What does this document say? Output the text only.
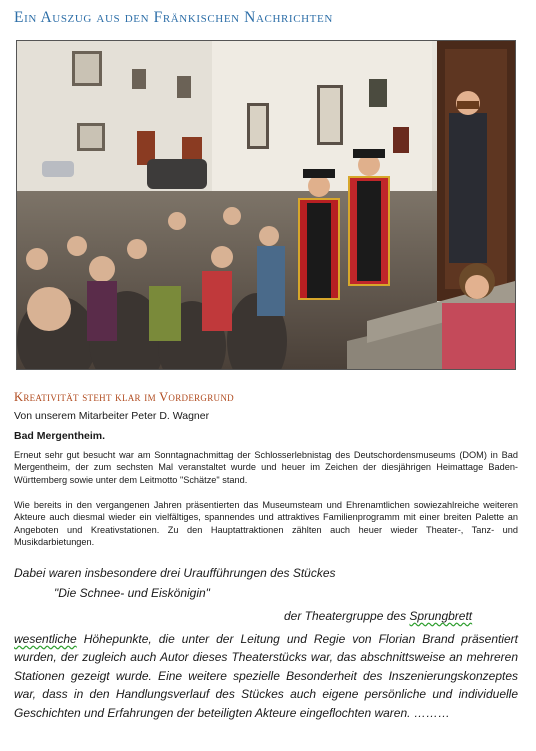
Ein Auszug aus den Fränkischen Nachrichten
Kreativität steht klar im Vordergrund
Von unserem Mitarbeiter Peter D. Wagner
Bad Mergentheim.

Erneut sehr gut besucht war am Sonntagnachmittag der Schlosserlebnistag des Deutschordensmuseums (DOM) in Bad Mergentheim, der zum sechsten Mal veranstaltet wurde und heuer im Zeichen der diesjährigen Heimattage Baden-Württemberg sowie unter dem Leitmotto "Schätze" stand.

Wie bereits in den vergangenen Jahren präsentierten das Museumsteam und Ehrenamtlichen sowiezahlreiche weiteren Akteure auch diesmal wieder ein vielfältiges, spannendes und attraktives Familienprogramm mit einer breiten Palette an Angeboten und Kreativstationen. Zu den Hauptattraktionen zählten auch heuer wieder Theater-, Tanz- und Musikdarbietungen.

Dabei waren insbesondere drei Uraufführungen des Stückes

"Die Schnee- und Eiskönigin"

der Theatergruppe des Sprungbrett

wesentliche Höhepunkte, die unter der Leitung und Regie von Florian Brand präsentiert wurden, der zugleich auch Autor dieses Theaterstücks war, das abschnittsweise an mehreren Stationen gezeigt wurde. Eine weitere spezielle Besonderheit des Inszenierungskonzeptes war, dass in den Handlungsverlauf des Stückes auch eigene persönliche und individuelle Geschichten und Erfahrungen der beteiligten Akteure eingeflochten waren. ………
